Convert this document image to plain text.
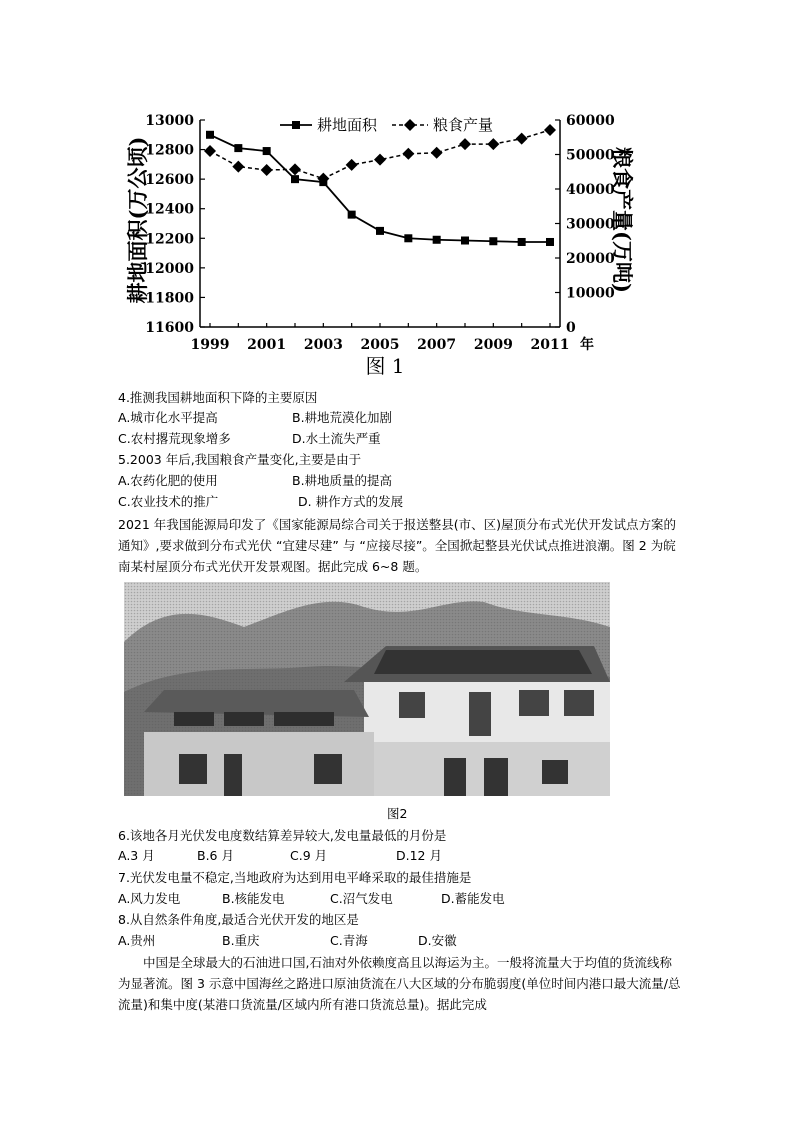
11600
11800
12000
12200
12400
12600
12800
13000
0
10000
20000
30000
40000
50000
60000
1999 2001 2003 2005 2007 2009 2011
耕地面积(万公顷)	粮食产量(万吨)
年
耕地面积	粮食产量
图 1
4.推测我国耕地面积下降的主要原因
A.城市化水平提高	B.耕地荒漠化加剧
C.农村撂荒现象增多	D.水土流失严重
5.2003 年后,我国粮食产量变化,主要是由于
A.农药化肥的使用	B.耕地质量的提高
C.农业技术的推广	D. 耕作方式的发展
2021 年我国能源局印发了《国家能源局综合司关于报送整县(市、区)屋顶分布式光伏开发试点方案的通知》,要求做到分布式光伏 “宜建尽建” 与 “应接尽接”。全国掀起整县光伏试点推进浪潮。图 2 为皖南某村屋顶分布式光伏开发景观图。据此完成 6~8 题。
图2
6.该地各月光伏发电度数结算差异较大,发电量最低的月份是
A.3 月	B.6 月	C.9 月	D.12 月
7.光伏发电量不稳定,当地政府为达到用电平峰采取的最佳措施是
A.风力发电	B.核能发电	C.沼气发电	D.蓄能发电
8.从自然条件角度,最适合光伏开发的地区是
A.贵州	B.重庆	C.青海	D.安徽
中国是全球最大的石油进口国,石油对外依赖度高且以海运为主。一般将流量大于均值的货流线称为显著流。图 3 示意中国海丝之路进口原油货流在八大区域的分布脆弱度(单位时间内港口最大流量/总流量)和集中度(某港口货流量/区域内所有港口货流总量)。据此完成
